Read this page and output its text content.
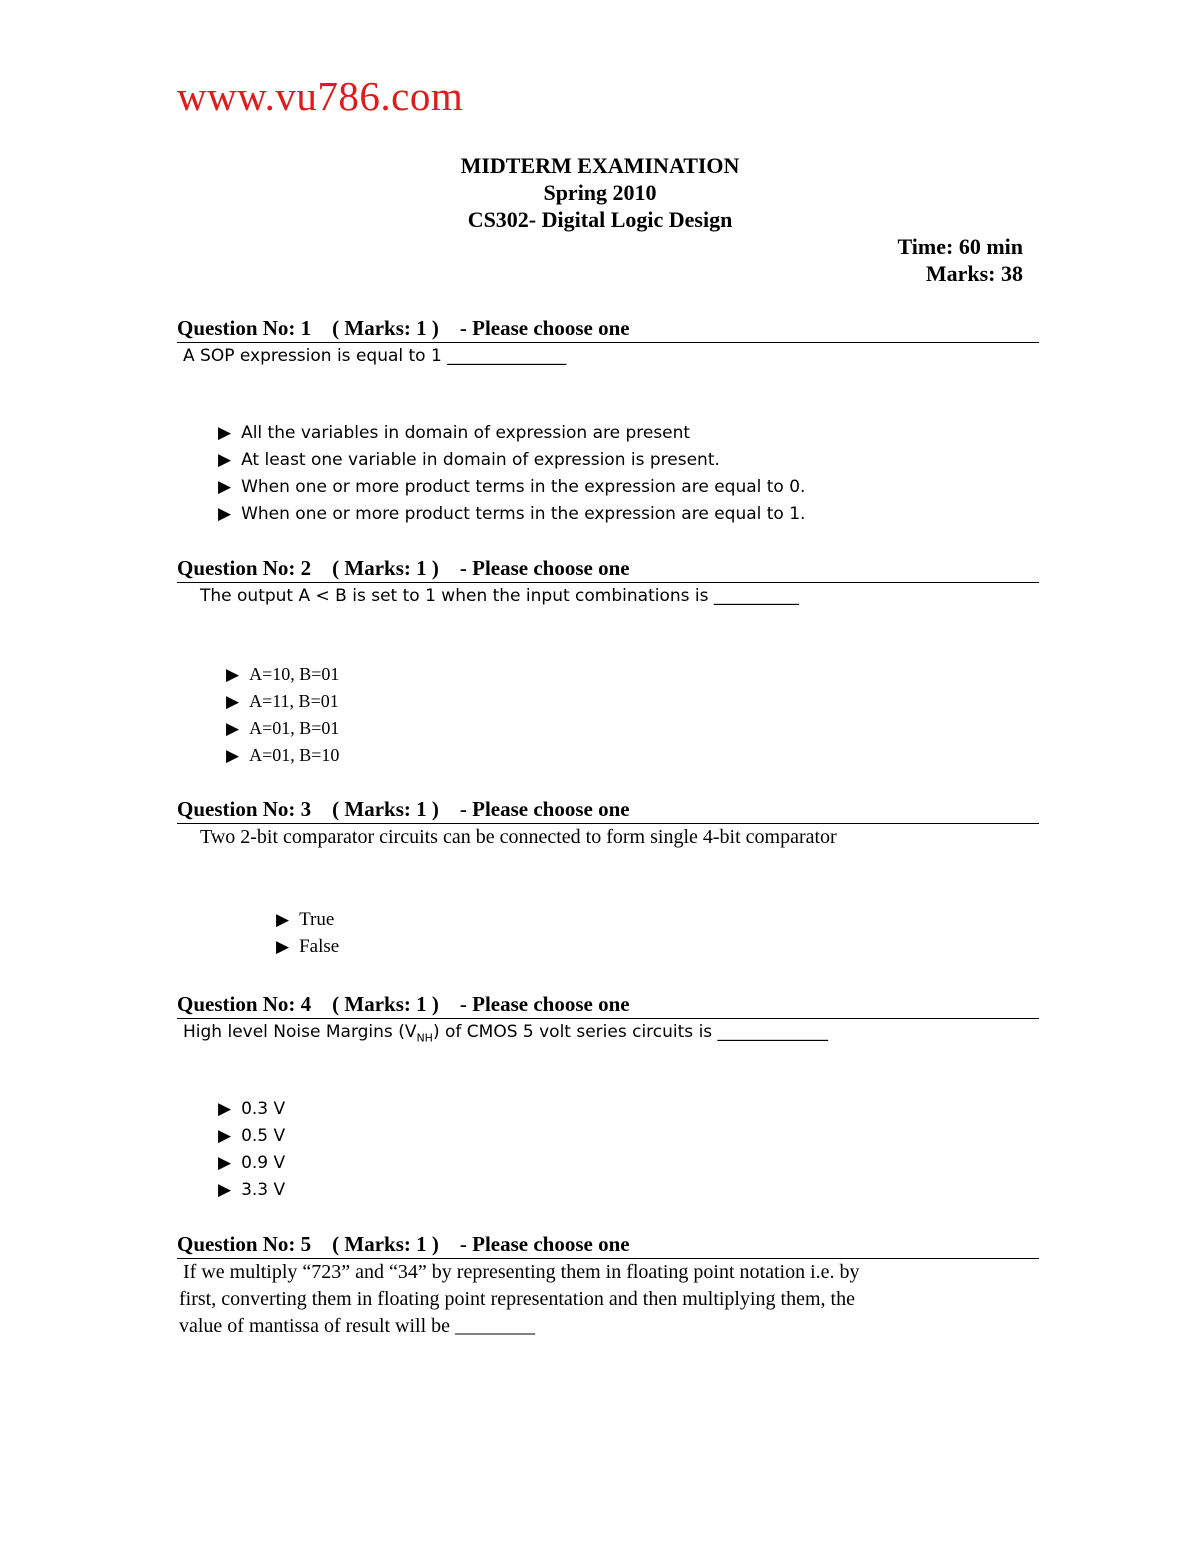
www.vu786.com
MIDTERM EXAMINATION
Spring 2010
CS302- Digital Logic Design
Time: 60 min
Marks: 38
Question No: 1    ( Marks: 1 )    - Please choose one
A SOP expression is equal to 1 ______________
▶ All the variables in domain of expression are present
▶ At least one variable in domain of expression is present.
▶ When one or more product terms in the expression are equal to 0.
▶ When one or more product terms in the expression are equal to 1.
Question No: 2    ( Marks: 1 )    - Please choose one
The output A < B is set to 1 when the input combinations is __________
▶ A=10, B=01
▶ A=11, B=01
▶ A=01, B=01
▶ A=01, B=10
Question No: 3    ( Marks: 1 )    - Please choose one
Two 2-bit comparator circuits can be connected to form single 4-bit comparator
▶ True
▶ False
Question No: 4    ( Marks: 1 )    - Please choose one
High level Noise Margins $(V_{NH})$ of CMOS 5 volt series circuits is _____________
▶ 0.3 V
▶ 0.5 V
▶ 0.9 V
▶ 3.3 V
Question No: 5    ( Marks: 1 )    - Please choose one
If we multiply “723” and “34” by representing them in floating point notation i.e. by
first, converting them in floating point representation and then multiplying them, the
value of mantissa of result will be ________
